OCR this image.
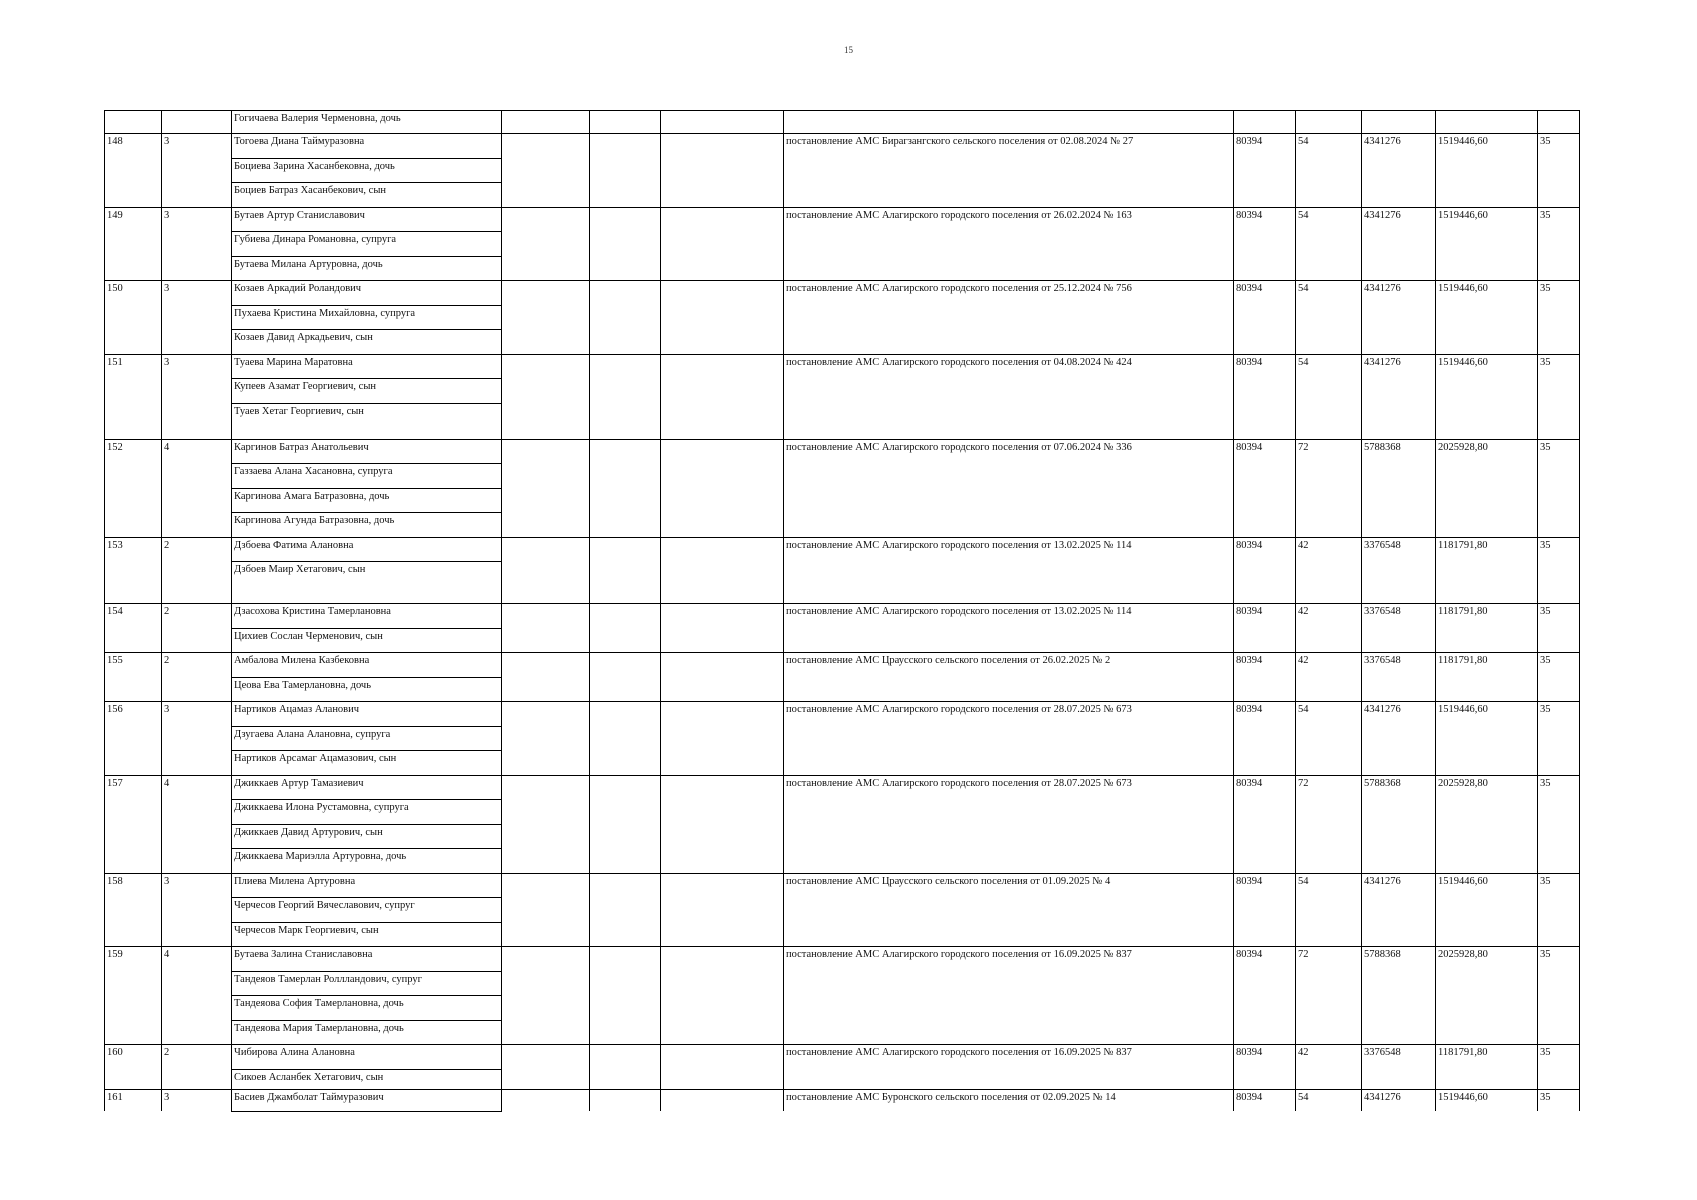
15
		Гогичаева Валерия Черменовна, дочь									
148	3	Тогоева Диана Таймуразовна				постановление АМС Бирагзангского сельского поселения от 02.08.2024 № 27	80394	54	4341276	1519446,60	35
		Боциева Зарина Хасанбековна, дочь									
		Боциев Батраз Хасанбекович, сын									
149	3	Бутаев Артур Станиславович				постановление АМС Алагирского городского поселения от 26.02.2024 № 163	80394	54	4341276	1519446,60	35
		Губиева Динара Романовна, супруга									
		Бутаева Милана Артуровна, дочь									
150	3	Козаев Аркадий Роландович				постановление АМС Алагирского городского поселения от 25.12.2024 № 756	80394	54	4341276	1519446,60	35
		Пухаева Кристина Михайловна, супруга									
		Козаев Давид Аркадьевич, сын									
151	3	Туаева Марина Маратовна				постановление АМС Алагирского городского поселения от 04.08.2024 № 424	80394	54	4341276	1519446,60	35
		Купеев Азамат Георгиевич, сын									
		Туаев Хетаг Георгиевич, сын									
152	4	Каргинов Батраз Анатольевич				постановление АМС Алагирского городского поселения от 07.06.2024 № 336	80394	72	5788368	2025928,80	35
		Газзаева Алана Хасановна, супруга									
		Каргинова Амага Батразовна, дочь									
		Каргинова Агунда Батразовна, дочь									
153	2	Дзбоева Фатима Алановна				постановление АМС Алагирского городского поселения от 13.02.2025 № 114	80394	42	3376548	1181791,80	35
		Дзбоев Маир Хетагович, сын									
154	2	Дзасохова Кристина Тамерлановна				постановление АМС Алагирского городского поселения от 13.02.2025 № 114	80394	42	3376548	1181791,80	35
		Цихиев Сослан Черменович, сын									
155	2	Амбалова Милена Казбековна				постановление АМС Цраусского сельского поселения от 26.02.2025 № 2	80394	42	3376548	1181791,80	35
		Цеова Ева Тамерлановна, дочь									
156	3	Нартиков Ацамаз Аланович				постановление АМС Алагирского городского поселения от 28.07.2025 № 673	80394	54	4341276	1519446,60	35
		Дзугаева Алана Алановна, супруга									
		Нартиков Арсамаг Ацамазович, сын									
157	4	Джиккаев Артур Тамазиевич				постановление АМС Алагирского городского поселения от 28.07.2025 № 673	80394	72	5788368	2025928,80	35
		Джиккаева Илона Рустамовна, супруга									
		Джиккаев Давид Артурович, сын									
		Джиккаева Мариэлла Артуровна, дочь									
158	3	Плиева Милена Артуровна				постановление АМС Цраусского сельского поселения от 01.09.2025 № 4	80394	54	4341276	1519446,60	35
		Черчесов Георгий Вячеславович, супруг									
		Черчесов Марк Георгиевич, сын									
159	4	Бутаева Залина Станиславовна				постановление АМС Алагирского городского поселения от 16.09.2025 № 837	80394	72	5788368	2025928,80	35
		Тандеяов Тамерлан Роллландович, супруг									
		Тандеяова София Тамерлановна, дочь									
		Тандеяова Мария Тамерлановна, дочь									
160	2	Чибирова Алина Алановна				постановление АМС Алагирского городского поселения от 16.09.2025 № 837	80394	42	3376548	1181791,80	35
		Сикоев Асланбек Хетагович, сын									
161	3	Басиев Джамболат Таймуразович				постановление АМС Буронского сельского поселения от 02.09.2025 № 14	80394	54	4341276	1519446,60	35
